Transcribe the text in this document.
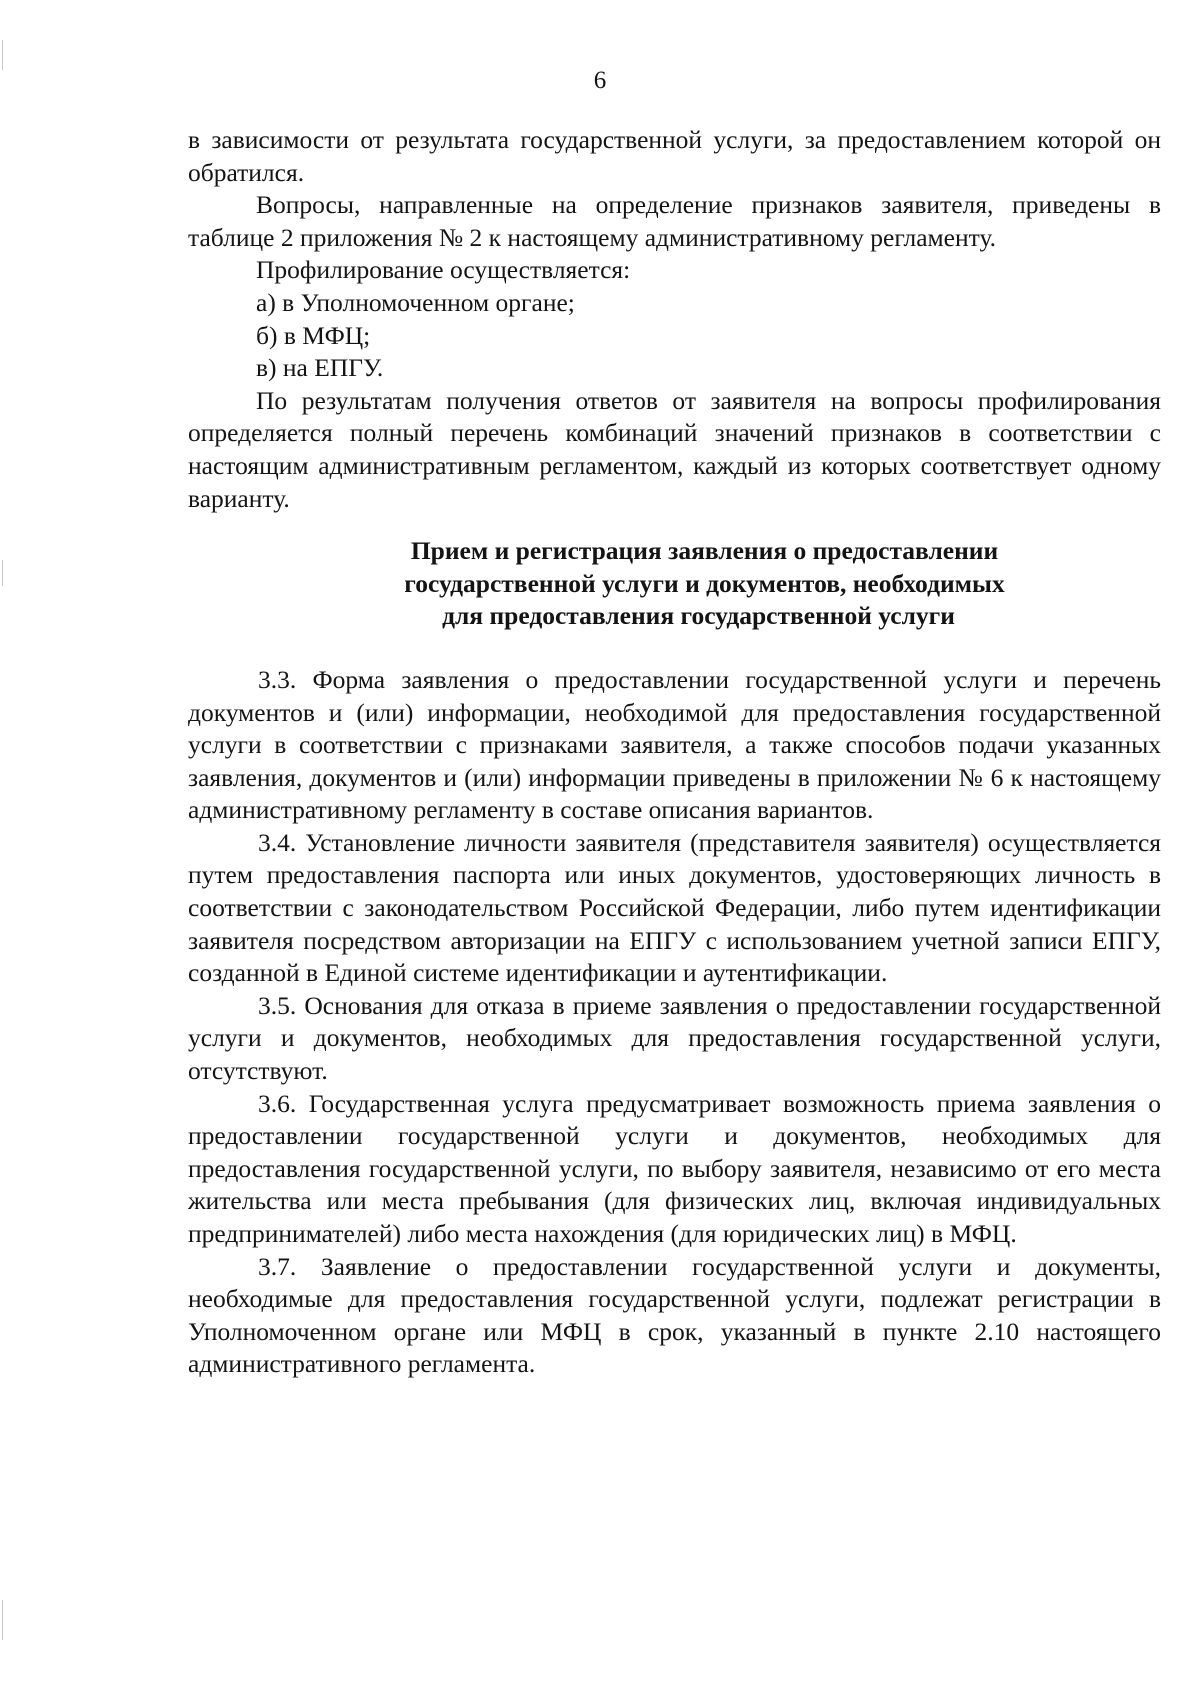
6

в зависимости от результата государственной услуги, за предоставлением которой он обратился.

Вопросы, направленные на определение признаков заявителя, приведены в таблице 2 приложения № 2 к настоящему административному регламенту.

Профилирование осуществляется:

а) в Уполномоченном органе;

б) в МФЦ;

в) на ЕПГУ.

По результатам получения ответов от заявителя на вопросы профилирования определяется полный перечень комбинаций значений признаков в соответствии с настоящим административным регламентом, каждый из которых соответствует одному варианту.

Прием и регистрация заявления о предоставлении
государственной услуги и документов, необходимых
для предоставления государственной услуги

3.3. Форма заявления о предоставлении государственной услуги и перечень документов и (или) информации, необходимой для предоставления государственной услуги в соответствии с признаками заявителя, а также способов подачи указанных заявления, документов и (или) информации приведены в приложении № 6 к настоящему административному регламенту в составе описания вариантов.

3.4. Установление личности заявителя (представителя заявителя) осуществляется путем предоставления паспорта или иных документов, удостоверяющих личность в соответствии с законодательством Российской Федерации, либо путем идентификации заявителя посредством авторизации на ЕПГУ с использованием учетной записи ЕПГУ, созданной в Единой системе идентификации и аутентификации.

3.5. Основания для отказа в приеме заявления о предоставлении государственной услуги и документов, необходимых для предоставления государственной услуги, отсутствуют.

3.6. Государственная услуга предусматривает возможность приема заявления о предоставлении государственной услуги и документов, необходимых для предоставления государственной услуги, по выбору заявителя, независимо от его места жительства или места пребывания (для физических лиц, включая индивидуальных предпринимателей) либо места нахождения (для юридических лиц) в МФЦ.

3.7. Заявление о предоставлении государственной услуги и документы, необходимые для предоставления государственной услуги, подлежат регистрации в Уполномоченном органе или МФЦ в срок, указанный в пункте 2.10 настоящего административного регламента.
